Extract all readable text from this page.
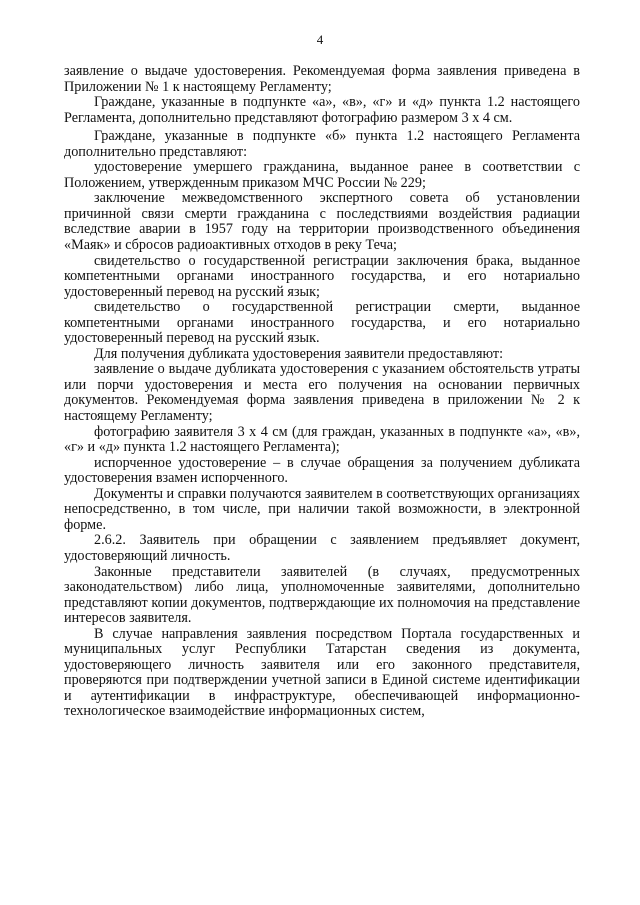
4

заявление о выдаче удостоверения. Рекомендуемая форма заявления приведена в Приложении № 1 к настоящему Регламенту;

Граждане, указанные в подпункте «а», «в», «г» и «д» пункта 1.2 настоящего Регламента, дополнительно представляют фотографию размером 3 х 4 см.

Граждане, указанные в подпункте «б» пункта 1.2 настоящего Регламента дополнительно представляют:

удостоверение умершего гражданина, выданное ранее в соответствии с Положением, утвержденным приказом МЧС России № 229;

заключение межведомственного экспертного совета об установлении причинной связи смерти гражданина с последствиями воздействия радиации вследствие аварии в 1957 году на территории производственного объединения «Маяк» и сбросов радиоактивных отходов в реку Теча;

свидетельство о государственной регистрации заключения брака, выданное компетентными органами иностранного государства, и его нотариально удостоверенный перевод на русский язык;

свидетельство о государственной регистрации смерти, выданное компетентными органами иностранного государства, и его нотариально удостоверенный перевод на русский язык.

Для получения дубликата удостоверения заявители предоставляют:

заявление о выдаче дубликата удостоверения с указанием обстоятельств утраты или порчи удостоверения и места его получения на основании первичных документов. Рекомендуемая форма заявления приведена в приложении № 2 к настоящему Регламенту;

фотографию заявителя 3 х 4 см (для граждан, указанных в подпункте «а», «в», «г» и «д» пункта 1.2 настоящего Регламента);

испорченное удостоверение – в случае обращения за получением дубликата удостоверения взамен испорченного.

Документы и справки получаются заявителем в соответствующих организациях непосредственно, в том числе, при наличии такой возможности, в электронной форме.

2.6.2. Заявитель при обращении с заявлением предъявляет документ, удостоверяющий личность.

Законные представители заявителей (в случаях, предусмотренных законодательством) либо лица, уполномоченные заявителями, дополнительно представляют копии документов, подтверждающие их полномочия на представление интересов заявителя.

В случае направления заявления посредством Портала государственных и муниципальных услуг Республики Татарстан сведения из документа, удостоверяющего личность заявителя или его законного представителя, проверяются при подтверждении учетной записи в Единой системе идентификации и аутентификации в инфраструктуре, обеспечивающей информационно-технологическое взаимодействие информационных систем,
